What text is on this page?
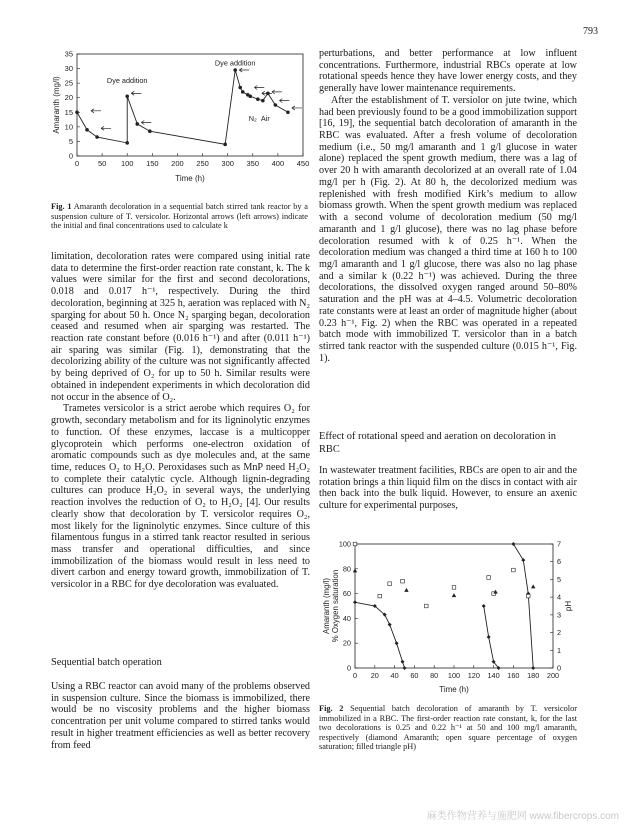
793
0	50 100 150 200 250 300 350 400 450
0
5
10
15
20
25
30
35
Time (h)
Amaranth (mg/l)	Dye addition
Dye addition
N₂ Air
Fig. 1 Amaranth decoloration in a sequential batch stirred tank reactor by a suspension culture of T. versicolor. Horizontal arrows (left arrows) indicate the initial and final concentrations used to calculate k

limitation, decoloration rates were compared using initial rate data to determine the first-order reaction rate constant, k. The k values were similar for the first and second decolorations, 0.018 and 0.017 h⁻¹, respectively. During the third decoloration, beginning at 325 h, aeration was replaced with N₂ sparging for about 50 h. Once N₂ sparging began, decoloration ceased and resumed when air sparging was restarted. The reaction rate constant before (0.016 h⁻¹) and after (0.011 h⁻¹) air sparing was similar (Fig. 1), demonstrating that the decolorizing ability of the culture was not significantly affected by being deprived of O₂ for up to 50 h. Similar results were obtained in independent experiments in which decoloration did not occur in the absence of O₂.

Trametes versicolor is a strict aerobe which requires O₂ for growth, secondary metabolism and for its ligninolytic enzymes to function. Of these enzymes, laccase is a multicopper glycoprotein which performs one-electron oxidation of aromatic compounds such as dye molecules and, at the same time, reduces O₂ to H₂O. Peroxidases such as MnP need H₂O₂ to complete their catalytic cycle. Although lignin-degrading cultures can produce H₂O₂ in several ways, the underlying reaction involves the reduction of O₂ to H₂O₂ [4]. Our results clearly show that decoloration by T. versicolor requires O₂, most likely for the ligninolytic enzymes. Since culture of this filamentous fungus in a stirred tank reactor resulted in serious mass transfer and operational difficulties, and since immobilization of the biomass would result in less need to divert carbon and energy toward growth, immobilization of T. versicolor in a RBC for dye decoloration was evaluated.

Sequential batch operation

Using a RBC reactor can avoid many of the problems observed in suspension culture. Since the biomass is immobilized, there would be no viscosity problems and the higher biomass concentration per unit volume compared to stirred tanks would result in higher treatment efficiencies as well as better recovery from feed

perturbations, and better performance at low influent concentrations. Furthermore, industrial RBCs operate at low rotational speeds hence they have lower energy costs, and they generally have lower maintenance requirements.

After the establishment of T. versiolor on jute twine, which had been previously found to be a good immobilization support [16, 19], the sequential batch decoloration of amaranth in the RBC was evaluated. After a fresh volume of decoloration medium (i.e., 50 mg/l amaranth and 1 g/l glucose in water alone) replaced the spent growth medium, there was a lag of over 20 h with amaranth decolorized at an overall rate of 1.04 mg/l per h (Fig. 2). At 80 h, the decolorized medium was replenished with fresh modified Kirk’s medium to allow biomass growth. When the spent growth medium was replaced with a second volume of decoloration medium (50 mg/l amaranth and 1 g/l glucose), there was no lag phase before decoloration resumed with k of 0.25 h⁻¹. When the decoloration medium was changed a third time at 160 h to 100 mg/l amaranth and 1 g/l glucose, there was also no lag phase and a similar k (0.22 h⁻¹) was achieved. During the three decolorations, the dissolved oxygen ranged around 50–80% saturation and the pH was at 4–4.5. Volumetric decoloration rate constants were at least an order of magnitude higher (about 0.23 h⁻¹, Fig. 2) when the RBC was operated in a repeated batch mode with immobilized T. versicolor than in a batch stirred tank reactor with the suspended culture (0.015 h⁻¹, Fig. 1).

Effect of rotational speed and aeration on decoloration in RBC

In wastewater treatment facilities, RBCs are open to air and the rotation brings a thin liquid film on the discs in contact with air then back into the bulk liquid. However, to ensure an axenic culture for experimental purposes,

0 20 40 60 80 100 120 140 160 180 200
0
20
40
60
80
100
0
1
2
3
4
5
6
7
Time (h)
Amaranth (mg/l) % Oxygen saturation	pH
Fig. 2 Sequential batch decoloration of amaranth by T. versicolor immobilized in a RBC. The first-order reaction rate constant, k, for the last two decolorations is 0.25 and 0.22 h⁻¹ at 50 and 100 mg/l amaranth, respectively (diamond Amaranth; open square percentage of oxygen saturation; filled triangle pH)
麻类作物营养与施肥网 www.fibercrops.com
